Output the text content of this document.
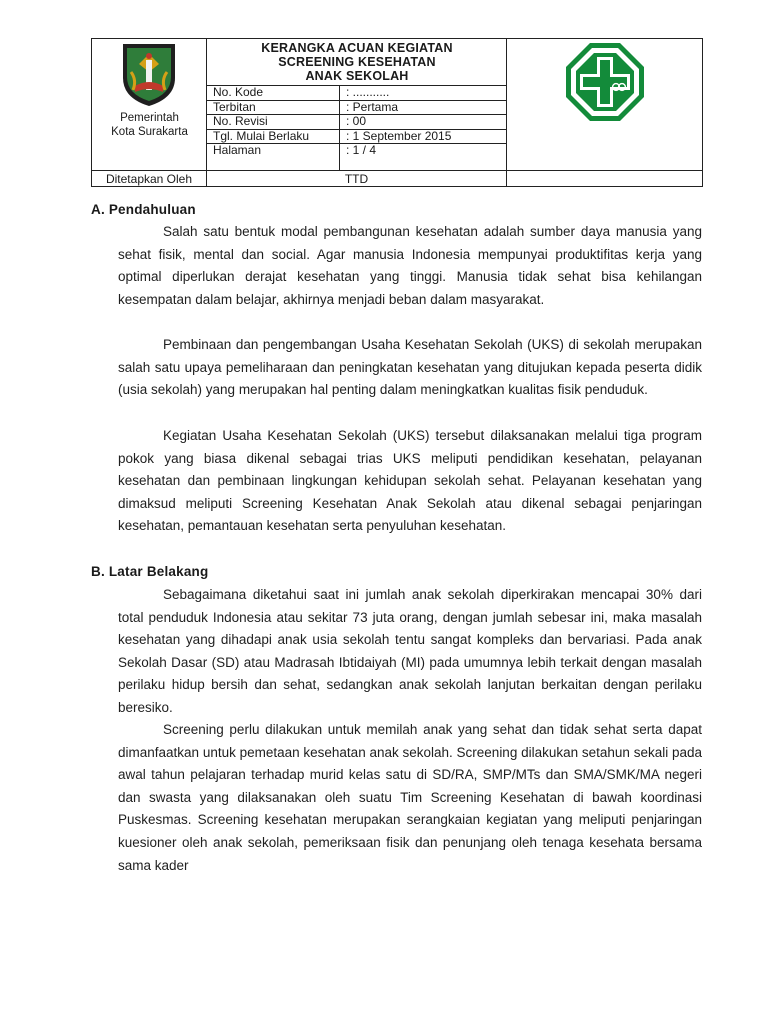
Pemerintah
Kota Surakarta
KERANGKA ACUAN KEGIATAN
SCREENING KESEHATAN
ANAK SEKOLAH
No. Kode	: ...........
Terbitan	: Pertama
No. Revisi	: 00
Tgl. Mulai Berlaku	: 1 September 2015
Halaman	: 1 / 4
Ditetapkan Oleh	TTD
A. Pendahuluan

Salah satu bentuk modal pembangunan kesehatan adalah sumber daya manusia yang sehat fisik, mental dan social. Agar manusia Indonesia mempunyai produktifitas kerja yang optimal diperlukan derajat kesehatan yang tinggi. Manusia tidak sehat bisa kehilangan kesempatan dalam belajar, akhirnya menjadi beban dalam masyarakat.

Pembinaan dan pengembangan Usaha Kesehatan Sekolah (UKS) di sekolah merupakan salah satu upaya pemeliharaan dan peningkatan kesehatan yang ditujukan kepada peserta didik (usia sekolah) yang merupakan hal penting dalam meningkatkan kualitas fisik penduduk.

Kegiatan Usaha Kesehatan Sekolah (UKS) tersebut dilaksanakan melalui tiga program pokok yang biasa dikenal sebagai trias UKS meliputi pendidikan kesehatan, pelayanan kesehatan dan pembinaan lingkungan kehidupan sekolah sehat. Pelayanan kesehatan yang dimaksud meliputi Screening Kesehatan Anak Sekolah atau dikenal sebagai penjaringan kesehatan, pemantauan kesehatan serta penyuluhan kesehatan.

B. Latar Belakang

Sebagaimana diketahui saat ini jumlah anak sekolah diperkirakan mencapai 30% dari total penduduk Indonesia atau sekitar 73 juta orang, dengan jumlah sebesar ini, maka masalah kesehatan yang dihadapi anak usia sekolah tentu sangat kompleks dan bervariasi. Pada anak Sekolah Dasar (SD) atau Madrasah Ibtidaiyah (MI) pada umumnya lebih terkait dengan masalah perilaku hidup bersih dan sehat, sedangkan anak sekolah lanjutan berkaitan dengan perilaku beresiko.

Screening perlu dilakukan untuk memilah anak yang sehat dan tidak sehat serta dapat dimanfaatkan untuk pemetaan kesehatan anak sekolah. Screening dilakukan setahun sekali pada awal tahun pelajaran terhadap murid kelas satu di SD/RA, SMP/MTs dan SMA/SMK/MA negeri dan swasta yang dilaksanakan oleh suatu Tim Screening Kesehatan di bawah koordinasi Puskesmas. Screening kesehatan merupakan serangkaian kegiatan yang meliputi penjaringan kuesioner oleh anak sekolah, pemeriksaan fisik dan penunjang oleh tenaga kesehata bersama sama kader
